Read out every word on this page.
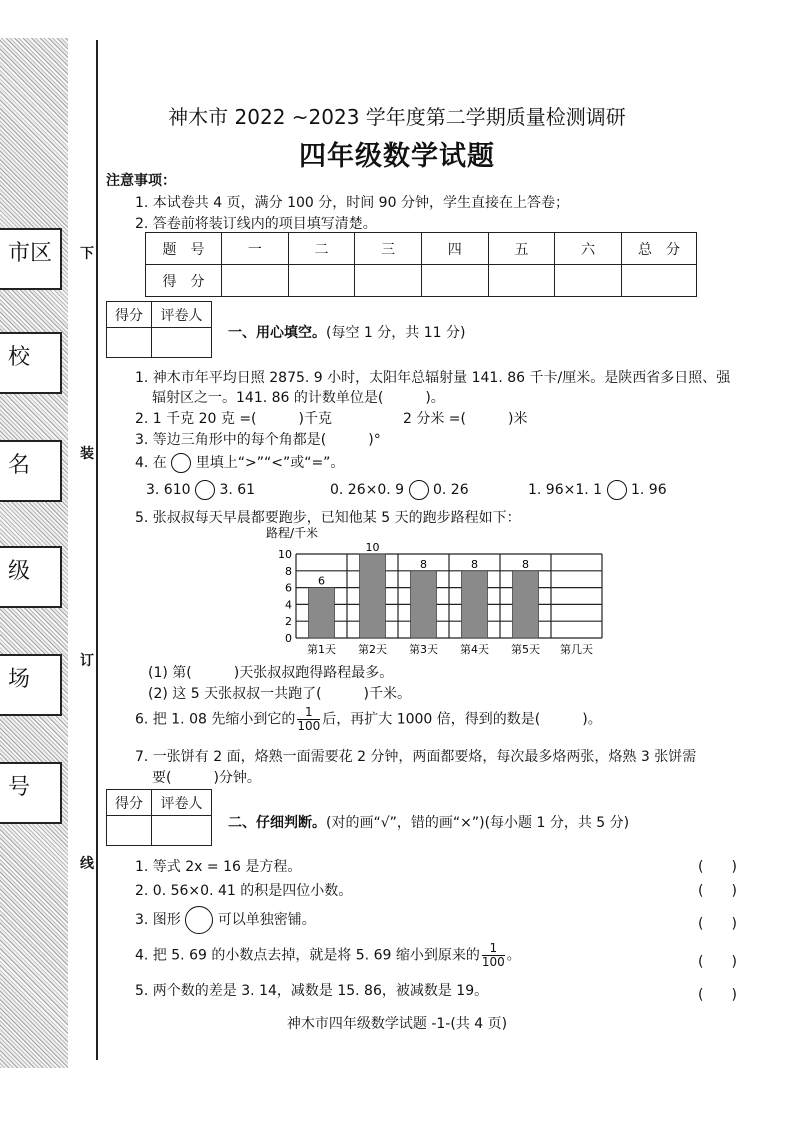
市区
校
名
级
场
号
下
装
订
线
神木市 2022 ~2023 学年度第二学期质量检测调研
四年级数学试题
注意事项：
1. 本试卷共 4 页，满分 100 分，时间 90 分钟，学生直接在上答卷；
2. 答卷前将装订线内的项目填写清楚。
题　号	一	二	三	四	五	六	总　分
得　分							
得分	评卷人

一、用心填空。(每空 1 分，共 11 分)
1. 神木市年平均日照 2875. 9 小时，太阳年总辐射量 141. 86 千卡/厘米。是陕西省多日照、强
辐射区之一。141. 86 的计数单位是(　　　)。
2. 1 千克 20 克 =(　　　)千克	2 分米 =(　　　)米
3. 等边三角形中的每个角都是(　　　)°
4. 在 里填上“>”“<”或“=”。
3. 610 3. 61	0. 26×0. 9 0. 26	1. 96×1. 1 1. 96
5. 张叔叔每天早晨都要跑步，已知他某 5 天的跑步路程如下：
路程/千米
0
2
4
6
8
10
6
第1天
10
第2天
8
第3天
8
第4天
8
第5天 第几天
(1) 第(　　　)天张叔叔跑得路程最多。
(2) 这 5 天张叔叔一共跑了(　　　)千米。
6. 把 1. 08 先缩小到它的 $\frac{1}{100}$ 后，再扩大 1000 倍，得到的数是(　　　)。
7. 一张饼有 2 面，烙熟一面需要花 2 分钟，两面都要烙，每次最多烙两张，烙熟 3 张饼需
要(　　　)分钟。
得分	评卷人

二、仔细判断。(对的画“√”，错的画“×”)(每小题 1 分，共 5 分)
1. 等式 2x = 16 是方程。	(　　)
2. 0. 56×0. 41 的积是四位小数。	(　　)
3. 图形	可以单独密铺。	(　　)
4. 把 5. 69 的小数点去掉，就是将 5. 69 缩小到原来的 $\frac{1}{100}$ 。	(　　)
5. 两个数的差是 3. 14，减数是 15. 86，被减数是 19。	(　　)
神木市四年级数学试题 -1-(共 4 页)
